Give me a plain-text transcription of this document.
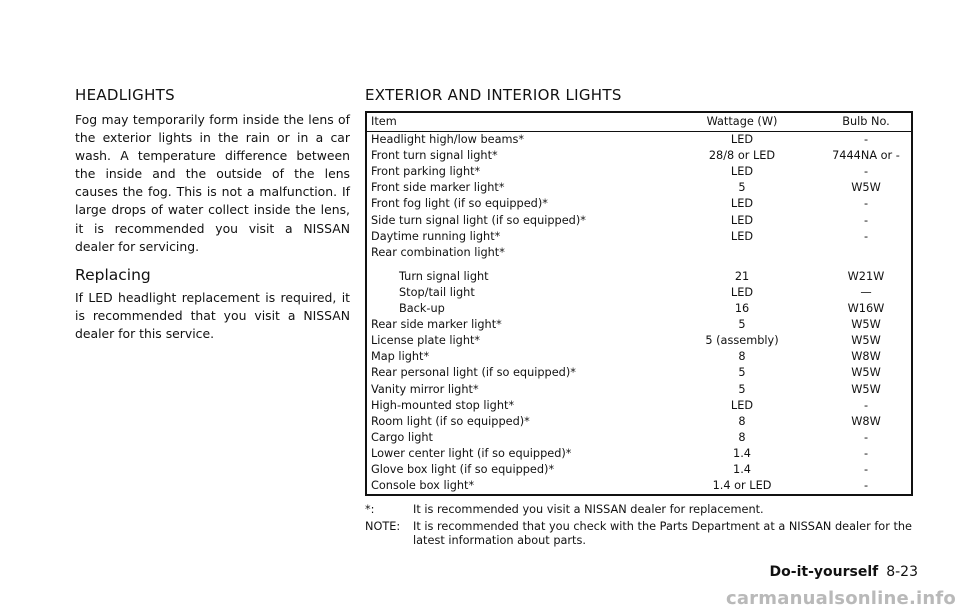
HEADLIGHTS

Fog may temporarily form inside the lens of the exterior lights in the rain or in a car wash. A temperature difference between the inside and the outside of the lens causes the fog. This is not a malfunction. If large drops of water collect inside the lens, it is recommended you visit a NISSAN dealer for servicing.

Replacing

If LED headlight replacement is required, it is recommended that you visit a NISSAN dealer for this service.

EXTERIOR AND INTERIOR LIGHTS
Item	Wattage (W)	Bulb No.
Headlight high/low beams*	LED	-
Front turn signal light*	28/8 or LED	7444NA or -
Front parking light*	LED	-
Front side marker light*	5	W5W
Front fog light (if so equipped)*	LED	-
Side turn signal light (if so equipped)*	LED	-
Daytime running light*	LED	-
Rear combination light*		

Turn signal light	21	W21W
Stop/tail light	LED	—
Back-up	16	W16W
Rear side marker light*	5	W5W
License plate light*	5 (assembly)	W5W
Map light*	8	W8W
Rear personal light (if so equipped)*	5	W5W
Vanity mirror light*	5	W5W
High-mounted stop light*	LED	-
Room light (if so equipped)*	8	W8W
Cargo light	8	-
Lower center light (if so equipped)*	1.4	-
Glove box light (if so equipped)*	1.4	-
Console box light*	1.4 or LED	-
*:	It is recommended you visit a NISSAN dealer for replacement.
NOTE:	It is recommended that you check with the Parts Department at a NISSAN dealer for the latest information about parts.
Do-it-yourself 8-23
carmanualsonline.info
